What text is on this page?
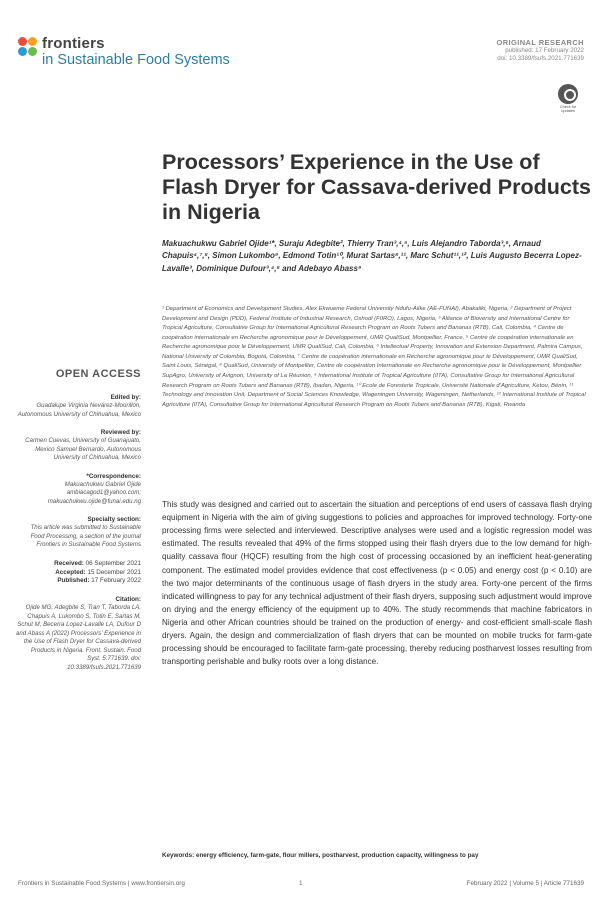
frontiers
in Sustainable Food Systems
ORIGINAL RESEARCH
published: 17 February 2022
doi: 10.3389/fsufs.2021.771639
Check for updates
Processors’ Experience in the Use of Flash Dryer for Cassava-derived Products in Nigeria
Makuachukwu Gabriel Ojide¹*, Suraju Adegbite², Thierry Tran³,⁴,⁵, Luis Alejandro Taborda³,⁶, Arnaud Chapuis⁴,⁷,⁸, Simon Lukombo⁹, Edmond Totin¹⁰, Murat Sartas⁸,¹¹, Marc Schut¹¹,¹², Luis Augusto Becerra Lopez-Lavalle³, Dominique Dufour³,⁴,⁸ and Adebayo Abass⁹
¹ Department of Economics and Development Studies, Alex Ekwueme Federal University Ndufu-Alike (AE-FUNAI), Abakaliki, Nigeria, ² Department of Project Development and Design (PDD), Federal Institute of Industrial Research, Oshodi (FIIRO), Lagos, Nigeria, ³ Alliance of Bioversity and International Centre for Tropical Agriculture, Consultative Group for International Agricultural Research Program on Roots Tubers and Bananas (RTB), Cali, Colombia, ⁴ Centre de coopération internationale en Recherche agronomique pour le Développement, UMR QualiSud, Montpellier, France, ⁵ Centre de coopération internationale en Recherche agronomique pour le Développement, UMR QualiSud, Cali, Colombia, ⁶ Intellectual Property, Innovation and Extension Department, Palmira Campus, National University of Colombia, Bogotá, Colombia, ⁷ Centre de coopération internationale en Recherche agronomique pour le Développement, UMR QualiSud, Saint Louis, Sénégal, ⁸ QualiSud, University of Montpellier, Centre de coopération Internationale en Recherche agronomique pour le Développement, Montpellier SupAgro, University of Avignon, University of La Réunion, ⁹ International Institute of Tropical Agriculture (IITA), Consultative Group for International Agricultural Research Program on Roots Tubers and Bananas (RTB), Ibadan, Nigeria, ¹⁰ Ecole de Foresterie Tropicale, Université Nationale d’Agriculture, Ketou, Bénin, ¹¹ Technology and Innovation Unit, Department of Social Sciences Knowledge, Wageningen University, Wageningen, Netherlands, ¹² International Institute of Tropical Agriculture (IITA), Consultative Group for International Agricultural Research Program on Roots Tubers and Bananas (RTB), Kigali, Rwanda
OPEN ACCESS
Edited by:
Guadalupe Virginia Nevárez-Moorillón, Autonomous University of Chihuahua, Mexico
Reviewed by:
Carmen Cuevas, University of Guanajuato, Mexico Samuel Bernardo, Autonomous University of Chihuahua, Mexico
*Correspondence:
Makuachukwu Gabriel Ojide ambiacagod1@yahoo.com; makuachukwu.ojide@funai.edu.ng
Specialty section:
This article was submitted to Sustainable Food Processing, a section of the journal Frontiers in Sustainable Food Systems
Received: 06 September 2021
Accepted: 15 December 2021
Published: 17 February 2022
Citation:
Ojide MG, Adegbite S, Tran T, Taborda LA, Chapuis A, Lukombo S, Totin E, Sartas M, Schut M, Becerra Lopez-Lavalle LA, Dufour D and Abass A (2022) Processors’ Experience in the Use of Flash Dryer for Cassava-derived Products in Nigeria. Front. Sustain. Food Syst. 5:771639. doi: 10.3389/fsufs.2021.771639
This study was designed and carried out to ascertain the situation and perceptions of end users of cassava flash drying equipment in Nigeria with the aim of giving suggestions to policies and approaches for improved technology. Forty-one processing firms were selected and interviewed. Descriptive analyses were used and a logistic regression model was estimated. The results revealed that 49% of the firms stopped using their flash dryers due to the low demand for high-quality cassava flour (HQCF) resulting from the high cost of processing occasioned by an inefficient heat-generating component. The estimated model provides evidence that cost effectiveness (p < 0.05) and energy cost (p < 0.10) are the two major determinants of the continuous usage of flash dryers in the study area. Forty-one percent of the firms indicated willingness to pay for any technical adjustment of their flash dryers, supposing such adjustment would improve on drying and the energy efficiency of the equipment up to 40%. The study recommends that machine fabricators in Nigeria and other African countries should be trained on the production of energy- and cost-efficient small-scale flash dryers. Again, the design and commercialization of flash dryers that can be mounted on mobile trucks for farm-gate processing should be encouraged to facilitate farm-gate processing, thereby reducing postharvest losses resulting from transporting perishable and bulky roots over a long distance.
Keywords: energy efficiency, farm-gate, flour millers, postharvest, production capacity, willingness to pay
Frontiers in Sustainable Food Systems | www.frontiersin.org	1	February 2022 | Volume 5 | Article 771639
